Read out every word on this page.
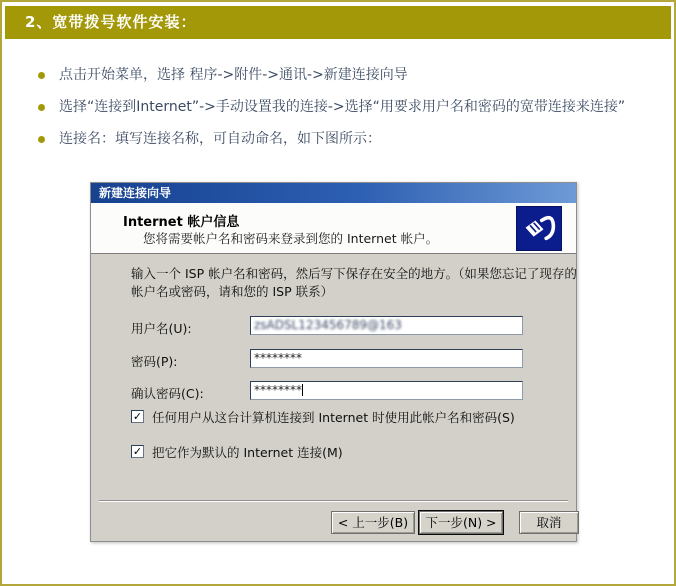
2、宽带拨号软件安装：
点击开始菜单，选择 程序->附件->通讯->新建连接向导
选择“连接到Internet”->手动设置我的连接->选择“用要求用户名和密码的宽带连接来连接”
连接名：填写连接名称，可自动命名，如下图所示：
新建连接向导
Internet 帐户信息
您将需要帐户名和密码来登录到您的 Internet 帐户。
输入一个 ISP 帐户名和密码，然后写下保存在安全的地方。（如果您忘记了现存的帐户名或密码，请和您的 ISP 联系）
用户名(U):	zsADSL123456789@163
密码(P):	********
确认密码(C):	********
✓ 任何用户从这台计算机连接到 Internet 时使用此帐户名和密码(S)
✓ 把它作为默认的 Internet 连接(M)
< 上一步(B)	下一步(N) >	取消
